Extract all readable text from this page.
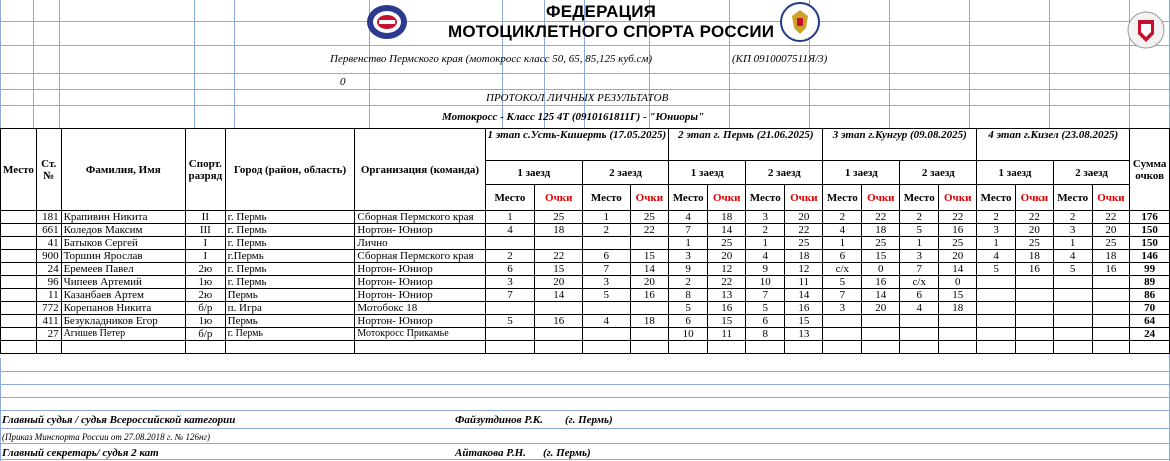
ФЕДЕРАЦИЯ
МОТОЦИКЛЕТНОГО СПОРТА РОССИИ
Первенство Пермского края (мотокросс класс 50, 65, 85,125 куб.см)	(КП 0910007511Я/3)
0
ПРОТОКОЛ ЛИЧНЫХ РЕЗУЛЬТАТОВ
Мотокросс - Класс 125 4Т (0910161811Г) - "Юниоры"
Место	Ст. №	Фамилия, Имя	Спорт. разряд	Город (район, область)	Организация (команда)	1 этап с.Усть-Кишерть (17.05.2025)				2 этап г. Пермь (21.06.2025)				3 этап г.Кунгур (09.08.2025)				4 этап г.Кизел (23.08.2025)				Сумма очков
						1 заезд		2 заезд		1 заезд		2 заезд		1 заезд		2 заезд		1 заезд		2 заезд		
						Место	Очки	Место	Очки	Место	Очки	Место	Очки	Место	Очки	Место	Очки	Место	Очки	Место	Очки	
	181	Крапивин Никита	II	г. Пермь	Сборная Пермского края	1	25	1	25	4	18	3	20	2	22	2	22	2	22	2	22	176
	661	Коледов Максим	III	г. Пермь	Нортон- Юниор	4	18	2	22	7	14	2	22	4	18	5	16	3	20	3	20	150
	41	Батыков Сергей	I	г. Пермь	Лично					1	25	1	25	1	25	1	25	1	25	1	25	150
	900	Торшин Ярослав	I	г.Пермь	Сборная Пермского края	2	22	6	15	3	20	4	18	6	15	3	20	4	18	4	18	146
	24	Еремеев Павел	2ю	г. Пермь	Нортон- Юниор	6	15	7	14	9	12	9	12	с/х	0	7	14	5	16	5	16	99
	96	Чипеев Артемий	1ю	г. Пермь	Нортон- Юниор	3	20	3	20	2	22	10	11	5	16	с/х	0					89
	11	Казанбаев Артем	2ю	Пермь	Нортон- Юниор	7	14	5	16	8	13	7	14	7	14	6	15					86
	772	Корепанов Никита	б/р	п. Игра	Мотобокс 18					5	16	5	16	3	20	4	18					70
	411	Безукладников Егор	1ю	Пермь	Нортон- Юниор	5	16	4	18	6	15	6	15									64
	27	Агишев Петер	б/р	г. Пермь	Мотокросс Прикамье					10	11	8	13									24

Главный судья / судья Всероссийской категории	Файзутдинов Р.К. (г. Пермь)
(Приказ Минспорта России от 27.08.2018 г. № 126нг)
Главный секретарь/ судья 2 кат	Айтакова Р.Н. (г. Пермь)
